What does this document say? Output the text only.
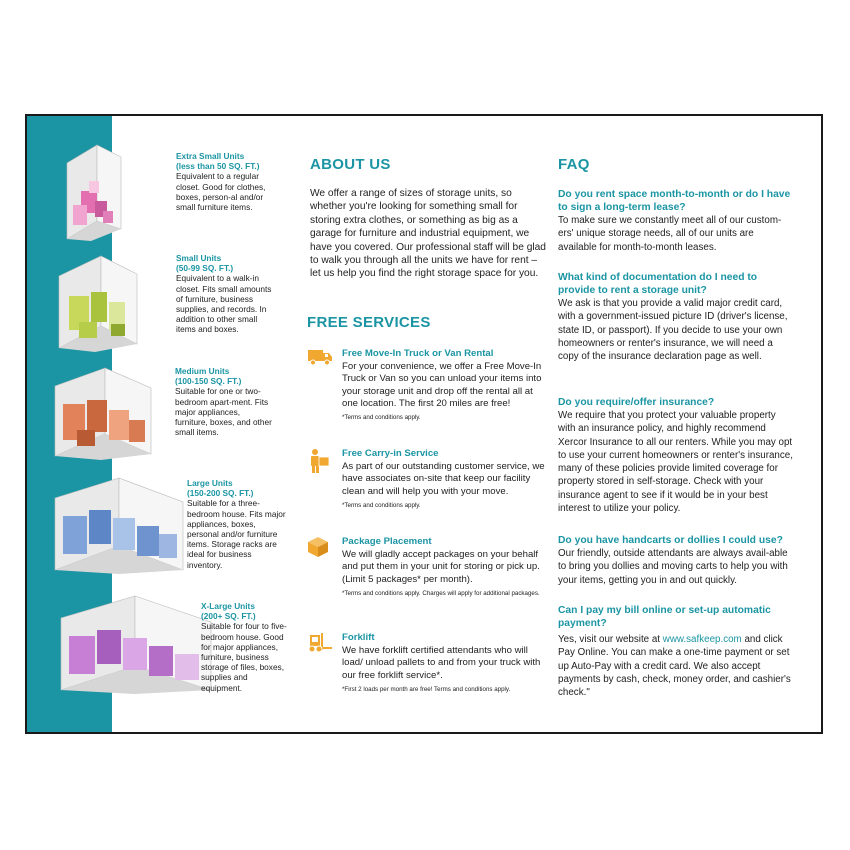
Extra Small Units
(less than 50 SQ. FT.)
Equivalent to a regular closet. Good for clothes, boxes, person-al and/or small furniture items.
Small Units
(50-99 SQ. FT.)
Equivalent to a walk-in closet. Fits small amounts of furniture, business supplies, and records. In addition to other small items and boxes.
Medium Units
(100-150 SQ. FT.)
Suitable for one or two-bedroom apart-ment. Fits major appliances, furniture, boxes, and other small items.
Large Units
(150-200 SQ. FT.)
Suitable for a three-bedroom house. Fits major appliances, boxes, personal and/or furniture items. Storage racks are ideal for business inventory.
X-Large Units
(200+ SQ. FT.)
Suitable for four to five-bedroom house. Good for major appliances, furniture, business storage of files, boxes, supplies and equipment.
ABOUT US

We offer a range of sizes of storage units, so whether you're looking for something small for storing extra clothes, or something as big as a garage for furniture and industrial equipment, we have you covered. Our professional staff will be glad to walk you through all the units we have for rent – let us help you find the right storage space for you.

FREE SERVICES

Free Move-In Truck or Van Rental

For your convenience, we offer a Free Move-In Truck or Van so you can unload your items into your storage unit and drop off the rental all at one location. The first 20 miles are free!

*Terms and conditions apply.

Free Carry-in Service

As part of our outstanding customer service, we have associates on-site that keep our facility clean and will help you with your move.

*Terms and conditions apply.

Package Placement

We will gladly accept packages on your behalf and put them in your unit for storing or pick up. (Limit 5 packages* per month).

*Terms and conditions apply. Charges will apply for additional packages.

Forklift

We have forklift certified attendants who will load/ unload pallets to and from your truck with our free forklift service*.

*First 2 loads per month are free! Terms and conditions apply.

FAQ

Do you rent space month-to-month or do I have to sign a long-term lease?

To make sure we constantly meet all of our custom-ers' unique storage needs, all of our units are available for month-to-month leases.

What kind of documentation do I need to provide to rent a storage unit?

We ask is that you provide a valid major credit card, with a government-issued picture ID (driver's license, state ID, or passport). If you decide to use your own homeowners or renter's insurance, we will need a copy of the insurance declaration page as well.

Do you require/offer insurance?

We require that you protect your valuable property with an insurance policy, and highly recommend Xercor Insurance to all our renters. While you may opt to use your current homeowners or renter's insurance, many of these policies provide limited coverage for property stored in self-storage. Check with your insurance agent to see if it would be in your best interest to utilize your policy.

Do you have handcarts or dollies I could use?

Our friendly, outside attendants are always avail-able to bring you dollies and moving carts to help you with your items, getting you in and out quickly.

Can I pay my bill online or set-up automatic payment?

Yes, visit our website at www.safkeep.com and click Pay Online. You can make a one-time payment or set up Auto-Pay with a credit card. We also accept payments by cash, check, money order, and cashier's check."
